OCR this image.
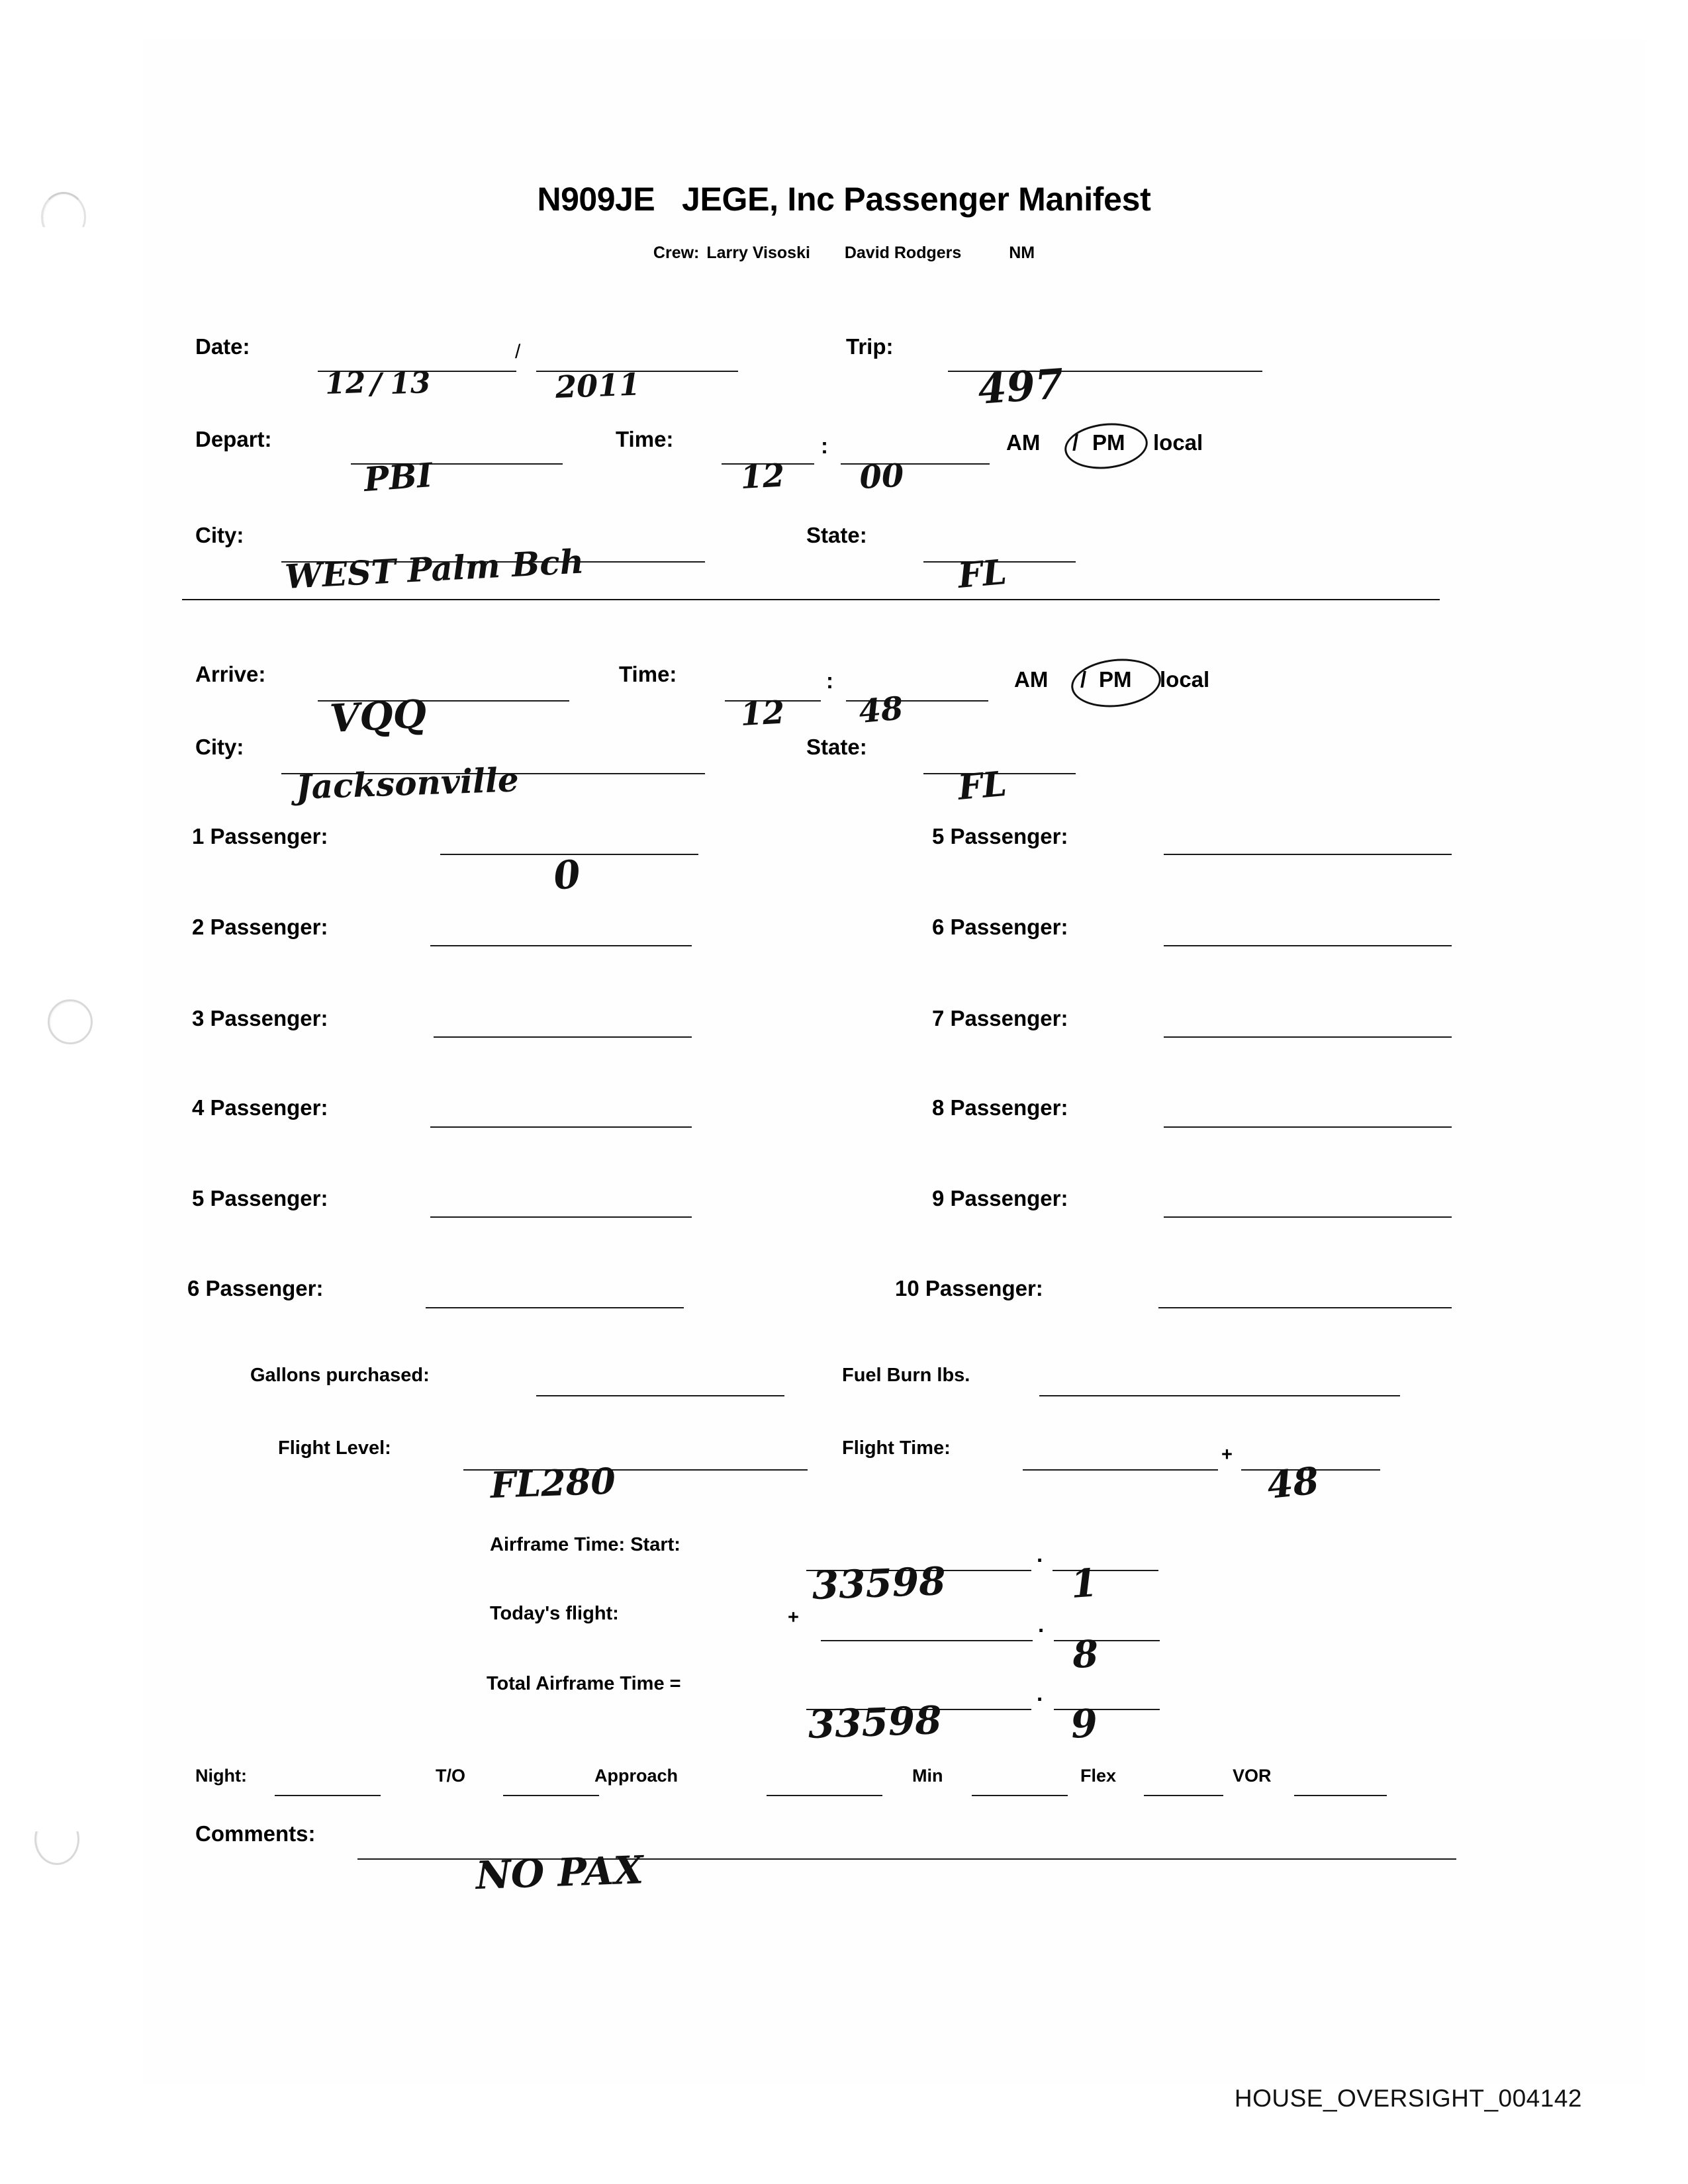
N909JE JEGE, Inc Passenger Manifest
Crew: Larry Visoski David Rodgers	NM
Date:
12 / 13
/
2011
Trip:
497
Depart:
PBI
Time:
12
:
00
AM / PM local
City:
WEST Palm Bch
State:
FL
Arrive:
VQQ
Time:
12
:
48
AM / PM local
City:
Jacksonville
State:
FL
1 Passenger:
0
5 Passenger:
2 Passenger:	6 Passenger:
3 Passenger:	7 Passenger:
4 Passenger:	8 Passenger:
5 Passenger:	9 Passenger:
6 Passenger:	10 Passenger:
Gallons purchased:	Fuel Burn lbs.
Flight Level:
FL280
Flight Time:	+
48
Airframe Time: Start:
33598
.
1
Today's flight:	+	.
8
Total Airframe Time =
33598
.
9
Night:	T/O	Approach	Min	Flex	VOR
Comments:
NO PAX
HOUSE_OVERSIGHT_004142
